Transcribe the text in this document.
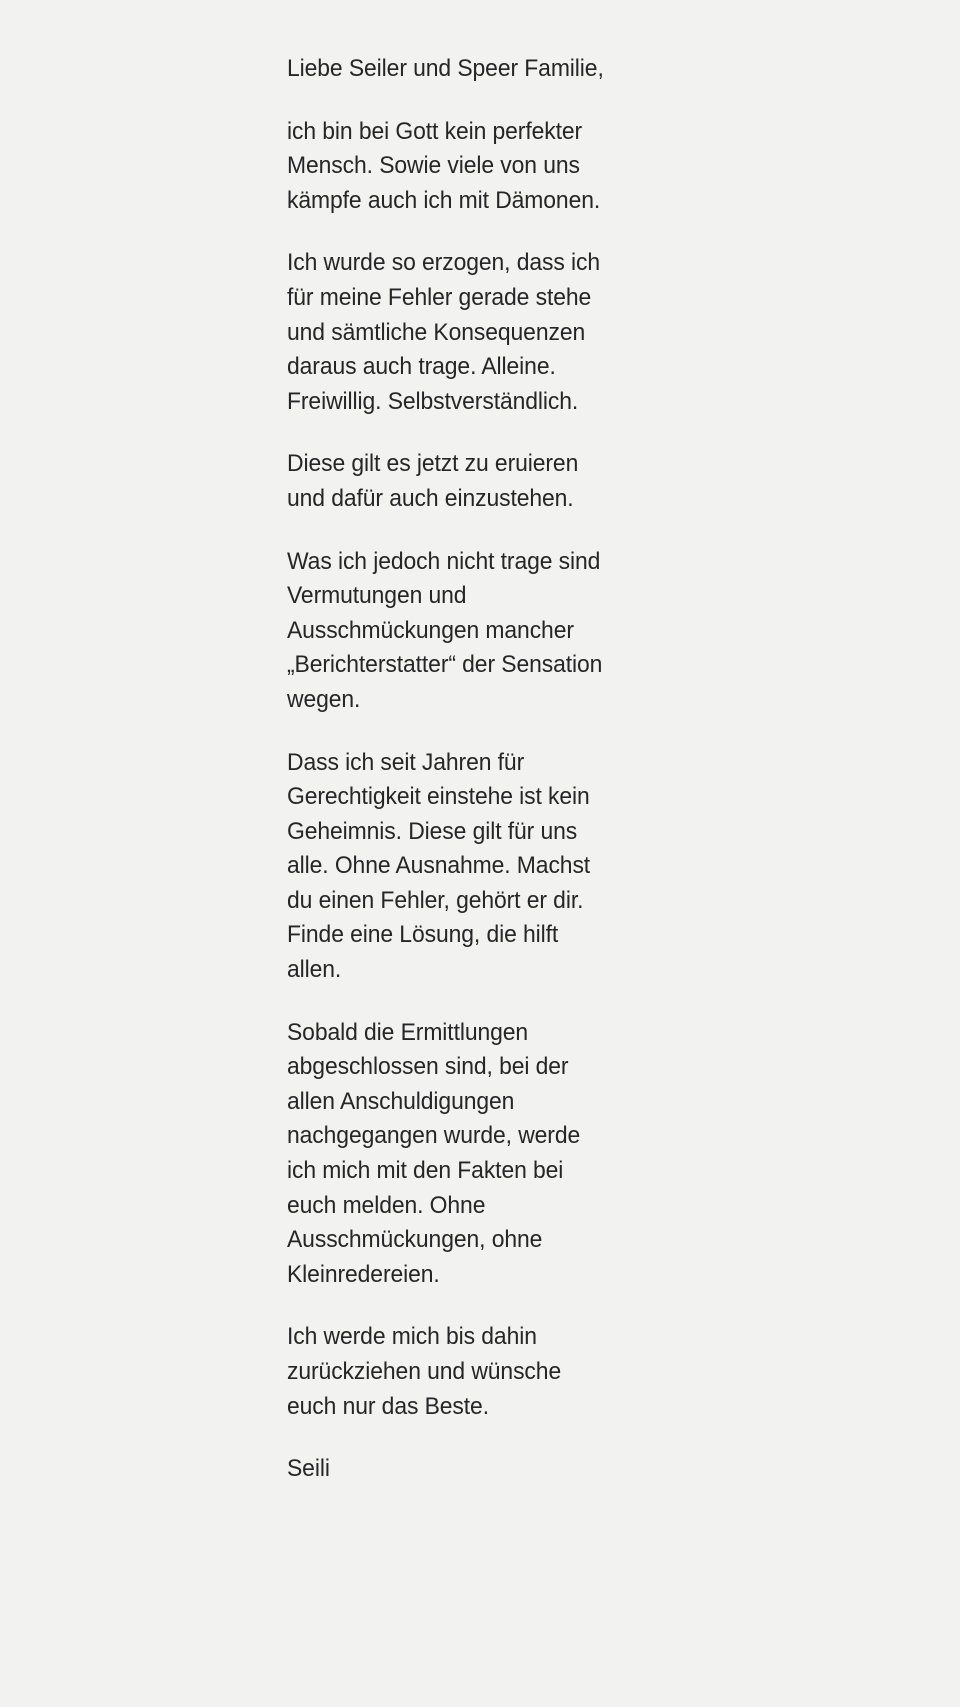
Liebe Seiler und Speer Familie,

ich bin bei Gott kein perfekter Mensch. Sowie viele von uns kämpfe auch ich mit Dämonen.

Ich wurde so erzogen, dass ich für meine Fehler gerade stehe und sämtliche Konsequenzen daraus auch trage. Alleine. Freiwillig. Selbstverständlich.

Diese gilt es jetzt zu eruieren und dafür auch einzustehen.

Was ich jedoch nicht trage sind Vermutungen und Ausschmückungen mancher „Berichterstatter“ der Sensation wegen.

Dass ich seit Jahren für Gerechtigkeit einstehe ist kein Geheimnis. Diese gilt für uns alle. Ohne Ausnahme. Machst du einen Fehler, gehört er dir. Finde eine Lösung, die hilft allen.

Sobald die Ermittlungen abgeschlossen sind, bei der allen Anschuldigungen nachgegangen wurde, werde ich mich mit den Fakten bei euch melden. Ohne Ausschmückungen, ohne Kleinredereien.

Ich werde mich bis dahin zurückziehen und wünsche euch nur das Beste.

Seili
